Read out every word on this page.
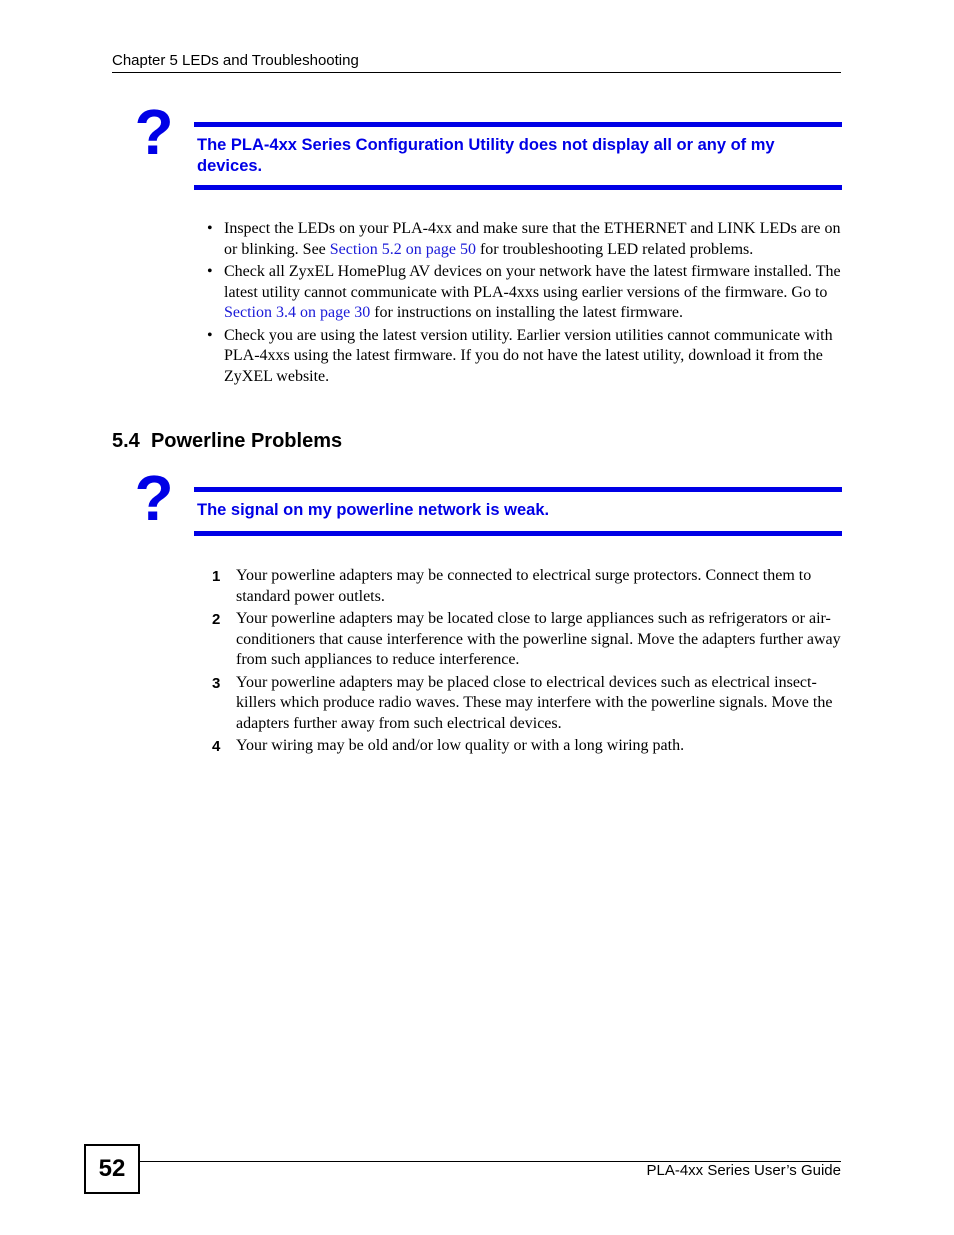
Chapter 5 LEDs and Troubleshooting
? The PLA-4xx Series Configuration Utility does not display all or any of my devices.
• Inspect the LEDs on your PLA-4xx and make sure that the ETHERNET and LINK LEDs are on or blinking. See Section 5.2 on page 50 for troubleshooting LED related problems.
• Check all ZyxEL HomePlug AV devices on your network have the latest firmware installed. The latest utility cannot communicate with PLA-4xxs using earlier versions of the firmware. Go to Section 3.4 on page 30 for instructions on installing the latest firmware.
• Check you are using the latest version utility. Earlier version utilities cannot communicate with PLA-4xxs using the latest firmware. If you do not have the latest utility, download it from the ZyXEL website.
5.4 Powerline Problems
? The signal on my powerline network is weak.
1 Your powerline adapters may be connected to electrical surge protectors. Connect them to standard power outlets.
2 Your powerline adapters may be located close to large appliances such as refrigerators or air-conditioners that cause interference with the powerline signal. Move the adapters further away from such appliances to reduce interference.
3 Your powerline adapters may be placed close to electrical devices such as electrical insect-killers which produce radio waves. These may interfere with the powerline signals. Move the adapters further away from such electrical devices.
4 Your wiring may be old and/or low quality or with a long wiring path.
52	PLA-4xx Series User’s Guide
